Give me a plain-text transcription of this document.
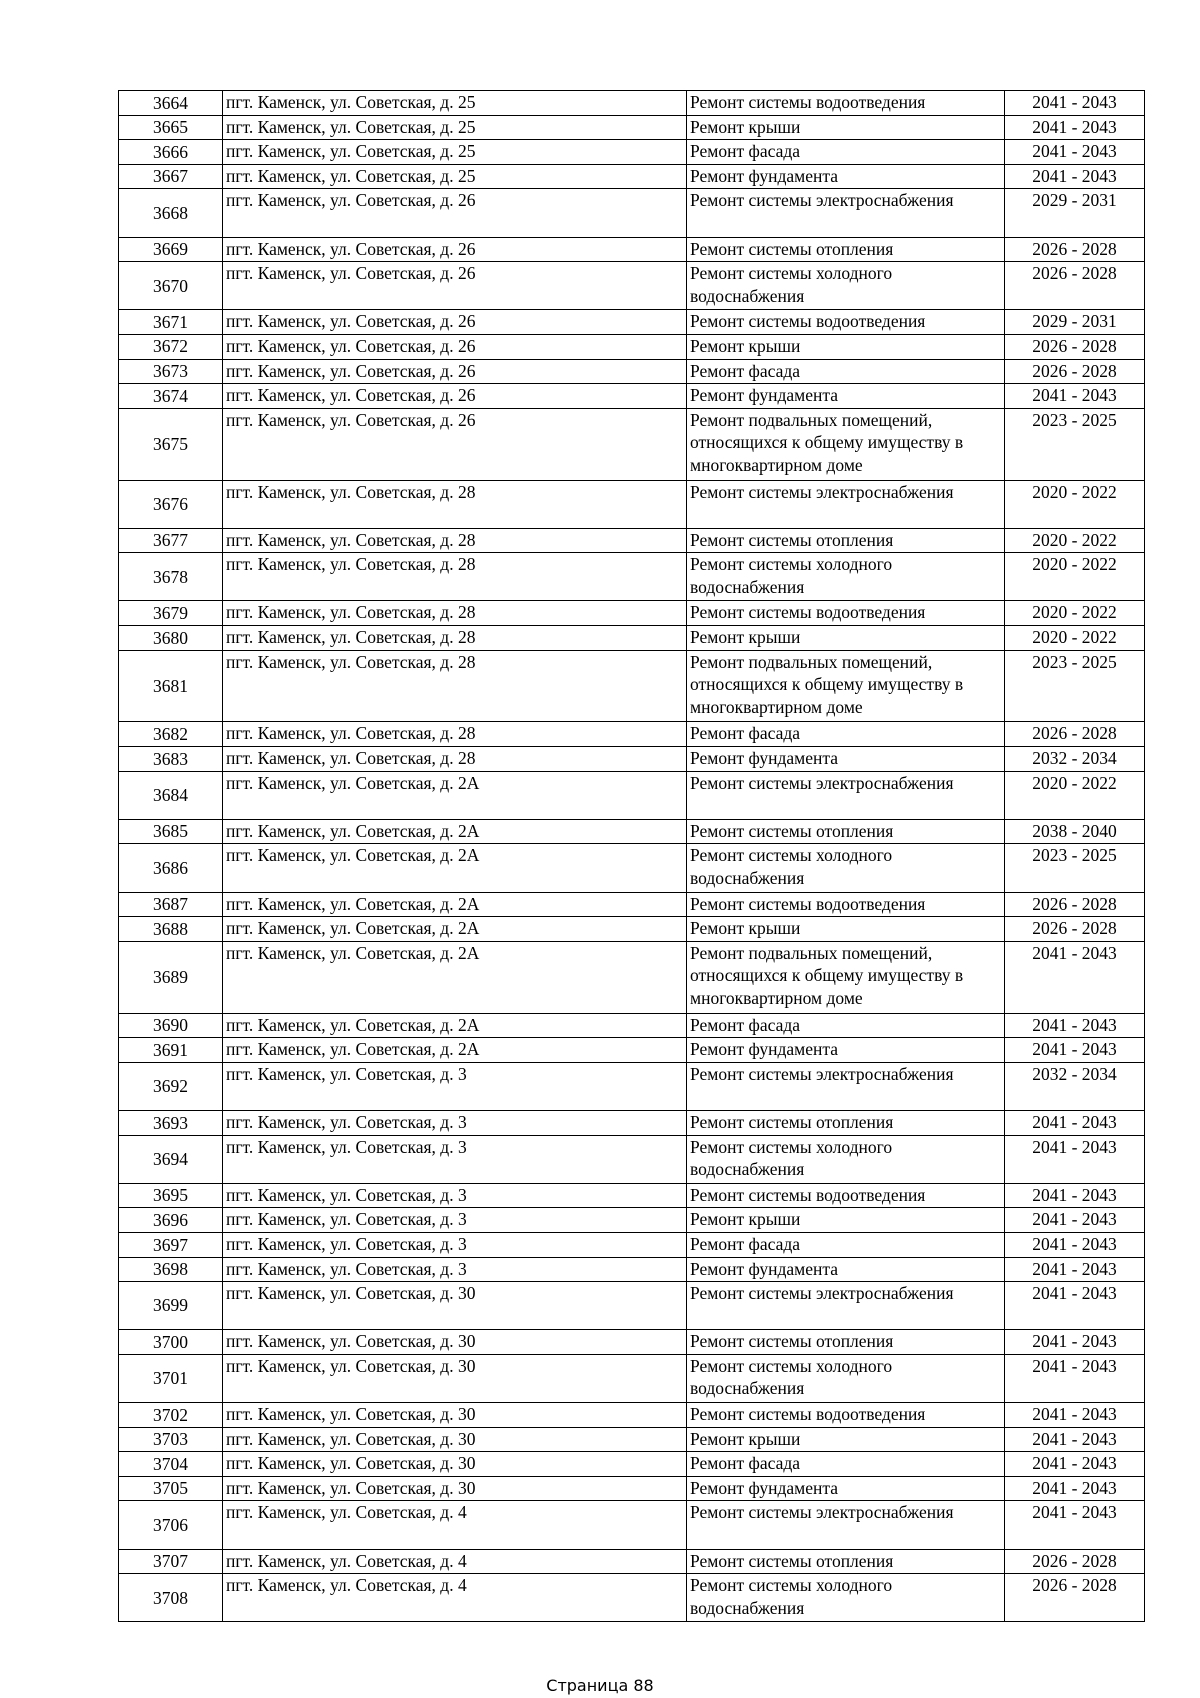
3664	пгт. Каменск, ул. Советская, д. 25	Ремонт системы водоотведения	2041 - 2043
3665	пгт. Каменск, ул. Советская, д. 25	Ремонт крыши	2041 - 2043
3666	пгт. Каменск, ул. Советская, д. 25	Ремонт фасада	2041 - 2043
3667	пгт. Каменск, ул. Советская, д. 25	Ремонт фундамента	2041 - 2043
3668	пгт. Каменск, ул. Советская, д. 26	Ремонт системы электроснабжения	2029 - 2031
3669	пгт. Каменск, ул. Советская, д. 26	Ремонт системы отопления	2026 - 2028
3670	пгт. Каменск, ул. Советская, д. 26	Ремонт системы холодного водоснабжения	2026 - 2028
3671	пгт. Каменск, ул. Советская, д. 26	Ремонт системы водоотведения	2029 - 2031
3672	пгт. Каменск, ул. Советская, д. 26	Ремонт крыши	2026 - 2028
3673	пгт. Каменск, ул. Советская, д. 26	Ремонт фасада	2026 - 2028
3674	пгт. Каменск, ул. Советская, д. 26	Ремонт фундамента	2041 - 2043
3675	пгт. Каменск, ул. Советская, д. 26	Ремонт подвальных помещений, относящихся к общему имуществу в многоквартирном доме	2023 - 2025
3676	пгт. Каменск, ул. Советская, д. 28	Ремонт системы электроснабжения	2020 - 2022
3677	пгт. Каменск, ул. Советская, д. 28	Ремонт системы отопления	2020 - 2022
3678	пгт. Каменск, ул. Советская, д. 28	Ремонт системы холодного водоснабжения	2020 - 2022
3679	пгт. Каменск, ул. Советская, д. 28	Ремонт системы водоотведения	2020 - 2022
3680	пгт. Каменск, ул. Советская, д. 28	Ремонт крыши	2020 - 2022
3681	пгт. Каменск, ул. Советская, д. 28	Ремонт подвальных помещений, относящихся к общему имуществу в многоквартирном доме	2023 - 2025
3682	пгт. Каменск, ул. Советская, д. 28	Ремонт фасада	2026 - 2028
3683	пгт. Каменск, ул. Советская, д. 28	Ремонт фундамента	2032 - 2034
3684	пгт. Каменск, ул. Советская, д. 2А	Ремонт системы электроснабжения	2020 - 2022
3685	пгт. Каменск, ул. Советская, д. 2А	Ремонт системы отопления	2038 - 2040
3686	пгт. Каменск, ул. Советская, д. 2А	Ремонт системы холодного водоснабжения	2023 - 2025
3687	пгт. Каменск, ул. Советская, д. 2А	Ремонт системы водоотведения	2026 - 2028
3688	пгт. Каменск, ул. Советская, д. 2А	Ремонт крыши	2026 - 2028
3689	пгт. Каменск, ул. Советская, д. 2А	Ремонт подвальных помещений, относящихся к общему имуществу в многоквартирном доме	2041 - 2043
3690	пгт. Каменск, ул. Советская, д. 2А	Ремонт фасада	2041 - 2043
3691	пгт. Каменск, ул. Советская, д. 2А	Ремонт фундамента	2041 - 2043
3692	пгт. Каменск, ул. Советская, д. 3	Ремонт системы электроснабжения	2032 - 2034
3693	пгт. Каменск, ул. Советская, д. 3	Ремонт системы отопления	2041 - 2043
3694	пгт. Каменск, ул. Советская, д. 3	Ремонт системы холодного водоснабжения	2041 - 2043
3695	пгт. Каменск, ул. Советская, д. 3	Ремонт системы водоотведения	2041 - 2043
3696	пгт. Каменск, ул. Советская, д. 3	Ремонт крыши	2041 - 2043
3697	пгт. Каменск, ул. Советская, д. 3	Ремонт фасада	2041 - 2043
3698	пгт. Каменск, ул. Советская, д. 3	Ремонт фундамента	2041 - 2043
3699	пгт. Каменск, ул. Советская, д. 30	Ремонт системы электроснабжения	2041 - 2043
3700	пгт. Каменск, ул. Советская, д. 30	Ремонт системы отопления	2041 - 2043
3701	пгт. Каменск, ул. Советская, д. 30	Ремонт системы холодного водоснабжения	2041 - 2043
3702	пгт. Каменск, ул. Советская, д. 30	Ремонт системы водоотведения	2041 - 2043
3703	пгт. Каменск, ул. Советская, д. 30	Ремонт крыши	2041 - 2043
3704	пгт. Каменск, ул. Советская, д. 30	Ремонт фасада	2041 - 2043
3705	пгт. Каменск, ул. Советская, д. 30	Ремонт фундамента	2041 - 2043
3706	пгт. Каменск, ул. Советская, д. 4	Ремонт системы электроснабжения	2041 - 2043
3707	пгт. Каменск, ул. Советская, д. 4	Ремонт системы отопления	2026 - 2028
3708	пгт. Каменск, ул. Советская, д. 4	Ремонт системы холодного водоснабжения	2026 - 2028
Страница 88
